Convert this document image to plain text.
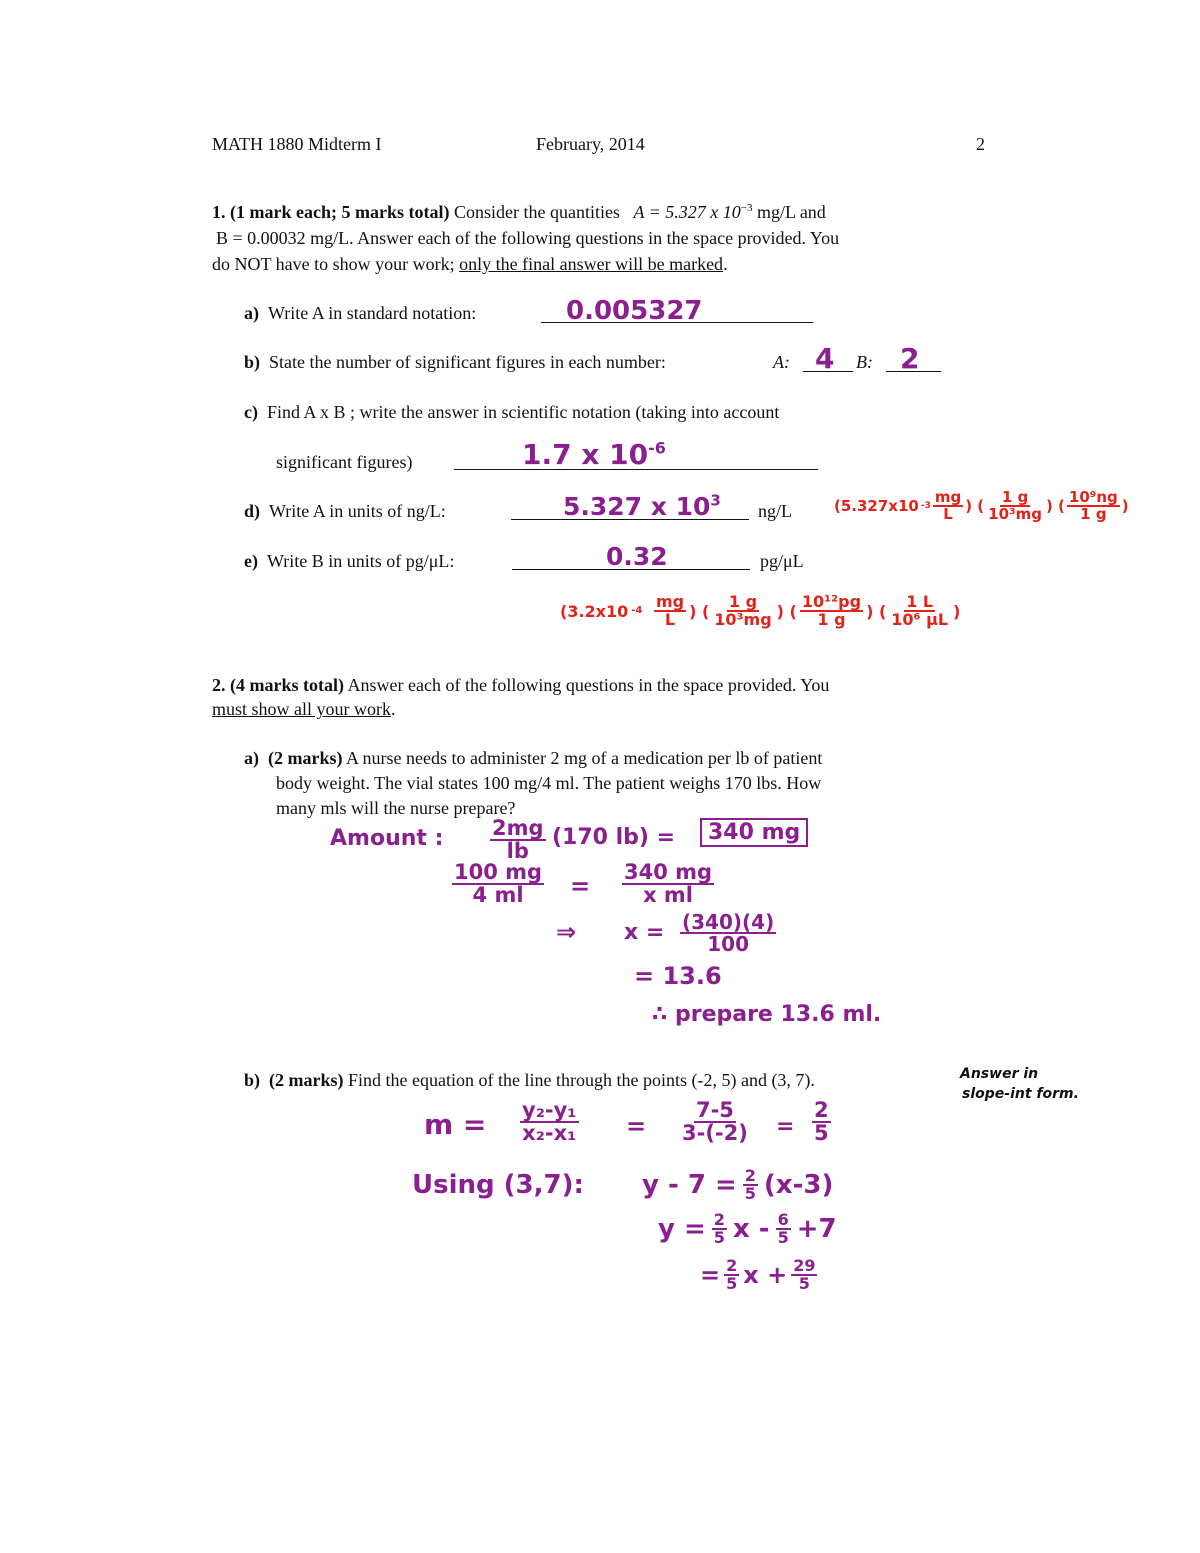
MATH 1880 Midterm I	February, 2014	2
1. (1 mark each; 5 marks total) Consider the quantities A = 5.327 x $10^{-3}$ mg/L and
B = 0.00032 mg/L. Answer each of the following questions in the space provided. You
do NOT have to show your work; only the final answer will be marked.
a) Write A in standard notation:	0.005327
b) State the number of significant figures in each number:	A: 4 B: 2
c) Find A x B ; write the answer in scientific notation (taking into account
significant figures)	1.7 x $10^{-6}$
d) Write A in units of ng/L:	5.327 x $10^3$
ng/L	(5.327x10 $-3 \frac{mg}{L}$ ) ( $\frac{1 g}{\text{10³mg}}$ ) ( $\frac{\text{10⁹ng}}{1 g}$ )
e) Write B in units of pg/μL:	0.32	pg/μL
(3.2x10 -4
$\frac{mg}{L}$ ) ( $\frac{1 g}{\text{10³mg}}$ ) ( $\frac{\text{10¹²pg}}{1 g}$ ) ( $\frac{1 L}{\text{10⁶ μL}}$ )
2. (4 marks total) Answer each of the following questions in the space provided. You
must show all your work.
a) (2 marks) A nurse needs to administer 2 mg of a medication per lb of patient
body weight. The vial states 100 mg/4 ml. The patient weighs 170 lbs. How
many mls will the nurse prepare?
Amount : $\frac{2mg}{lb} (170$ lb) =	340 mg
$\frac{100 mg}{4 ml} = \frac{340 mg}{\text{x ml}}$
⇒ $x = \frac{(340)(4)}{100}$
= 13.6
∴ prepare 13.6 ml.
b) (2 marks) Find the equation of the line through the points (-2, 5) and (3, 7).	Answer in
slope-int form.
$m = \frac{\text{y₂-y₁}}{\text{x₂-x₁}} = \frac{7-5}{3-(-2)} = \frac{2}{5}$
Using (3,7): $y - 7 = \frac{2}{5} (x-3)$
$y = \frac{2}{5}$ $x - \frac{6}{5} +7$
= $\frac{2}{5}$ $x + \frac{29}{5}$
